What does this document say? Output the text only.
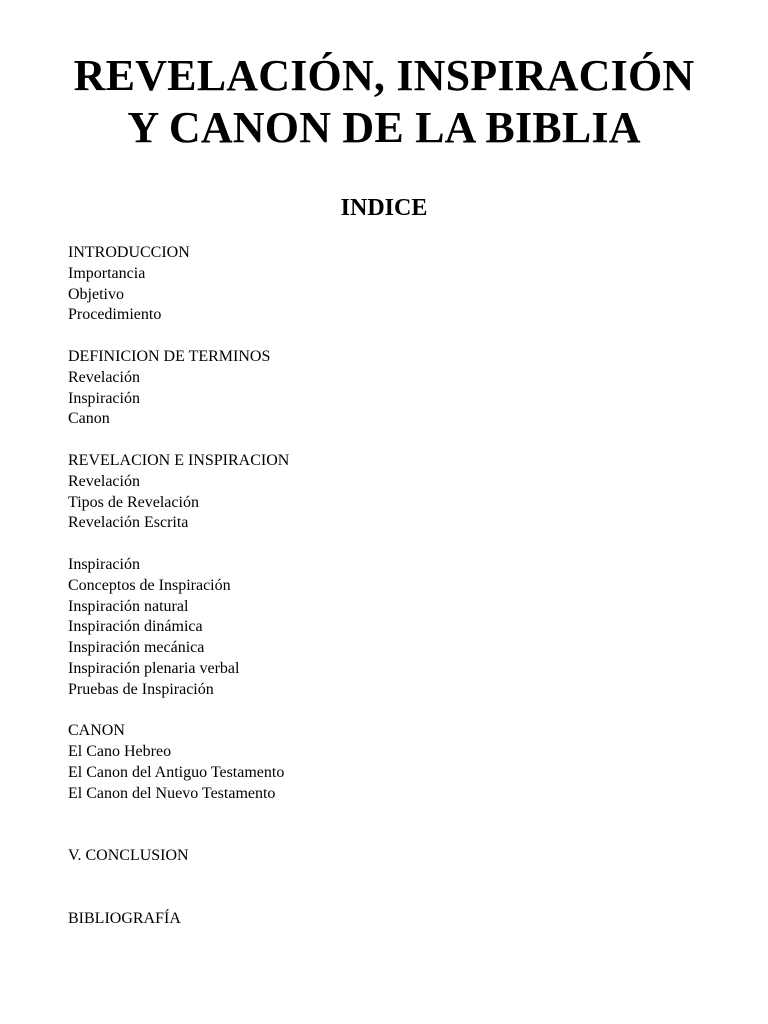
REVELACIÓN, INSPIRACIÓN
Y CANON DE LA BIBLIA
INDICE
INTRODUCCION
Importancia
Objetivo
Procedimiento
DEFINICION DE TERMINOS
Revelación
Inspiración
Canon
REVELACION E INSPIRACION
Revelación
Tipos de Revelación
Revelación Escrita
Inspiración
Conceptos de Inspiración
Inspiración natural
Inspiración dinámica
Inspiración mecánica
Inspiración plenaria verbal
Pruebas de Inspiración
CANON
El Cano Hebreo
El Canon del Antiguo Testamento
El Canon del Nuevo Testamento
V. CONCLUSION
BIBLIOGRAFÍA
